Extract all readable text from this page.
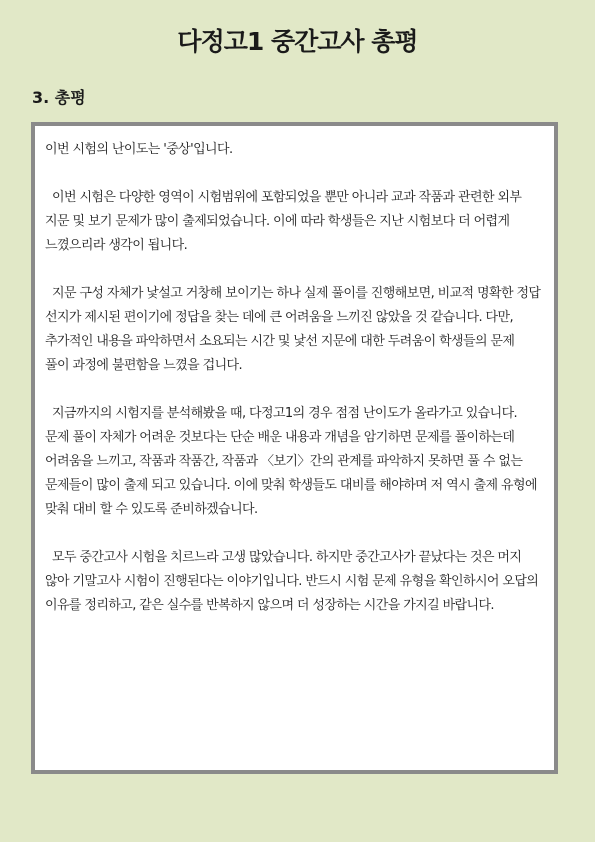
다정고1 중간고사 총평
3. 총평

이번 시험의 난이도는 '중상'입니다.

이번 시험은 다양한 영역이 시험범위에 포함되었을 뿐만 아니라 교과 작품과 관련한 외부 지문 및 보기 문제가 많이 출제되었습니다. 이에 따라 학생들은 지난 시험보다 더 어렵게 느꼈으리라 생각이 됩니다.

지문 구성 자체가 낯설고 거창해 보이기는 하나 실제 풀이를 진행해보면, 비교적 명확한 정답 선지가 제시된 편이기에 정답을 찾는 데에 큰 어려움을 느끼진 않았을 것 같습니다. 다만, 추가적인 내용을 파악하면서 소요되는 시간 및 낯선 지문에 대한 두려움이 학생들의 문제 풀이 과정에 불편함을 느꼈을 겁니다.

지금까지의 시험지를 분석해봤을 때, 다정고1의 경우 점점 난이도가 올라가고 있습니다. 문제 풀이 자체가 어려운 것보다는 단순 배운 내용과 개념을 암기하면 문제를 풀이하는데 어려움을 느끼고, 작품과 작품간, 작품과 〈보기〉간의 관계를 파악하지 못하면 풀 수 없는 문제들이 많이 출제 되고 있습니다. 이에 맞춰 학생들도 대비를 해야하며 저 역시 출제 유형에 맞춰 대비 할 수 있도록 준비하겠습니다.

모두 중간고사 시험을 치르느라 고생 많았습니다. 하지만 중간고사가 끝났다는 것은 머지 않아 기말고사 시험이 진행된다는 이야기입니다. 반드시 시험 문제 유형을 확인하시어 오답의 이유를 정리하고, 같은 실수를 반복하지 않으며 더 성장하는 시간을 가지길 바랍니다.
